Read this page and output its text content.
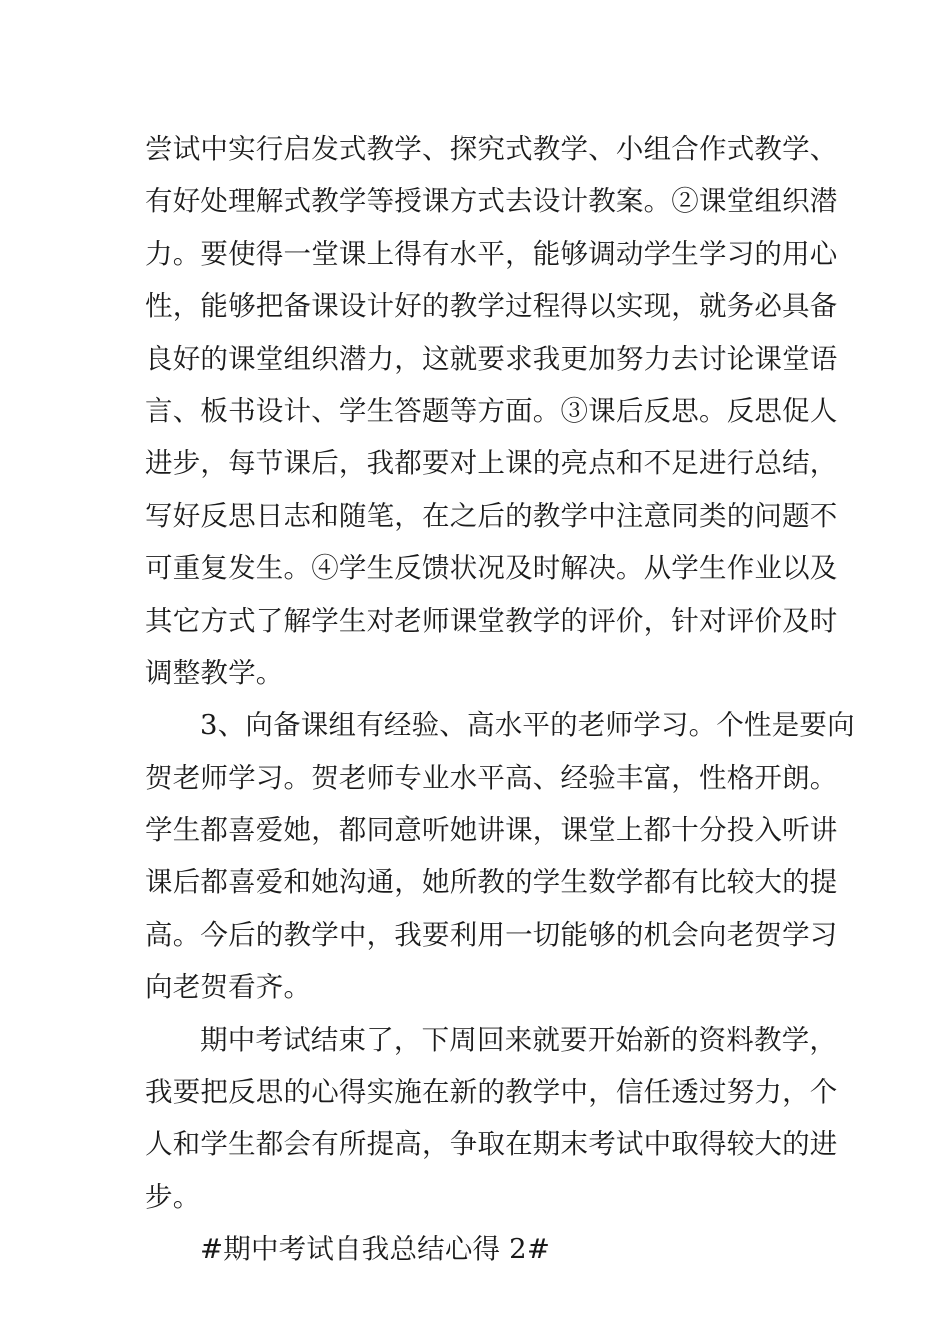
尝试中实行启发式教学、探究式教学、小组合作式教学、
有好处理解式教学等授课方式去设计教案。②课堂组织潜
力。要使得一堂课上得有水平，能够调动学生学习的用心
性，能够把备课设计好的教学过程得以实现，就务必具备
良好的课堂组织潜力，这就要求我更加努力去讨论课堂语
言、板书设计、学生答题等方面。③课后反思。反思促人
进步，每节课后，我都要对上课的亮点和不足进行总结，
写好反思日志和随笔，在之后的教学中注意同类的问题不
可重复发生。④学生反馈状况及时解决。从学生作业以及
其它方式了解学生对老师课堂教学的评价，针对评价及时
调整教学。
3、向备课组有经验、高水平的老师学习。个性是要向
贺老师学习。贺老师专业水平高、经验丰富，性格开朗。
学生都喜爱她，都同意听她讲课，课堂上都十分投入听讲
课后都喜爱和她沟通，她所教的学生数学都有比较大的提
高。今后的教学中，我要利用一切能够的机会向老贺学习
向老贺看齐。
期中考试结束了，下周回来就要开始新的资料教学，
我要把反思的心得实施在新的教学中，信任透过努力，个
人和学生都会有所提高，争取在期末考试中取得较大的进
步。
#期中考试自我总结心得 2#
